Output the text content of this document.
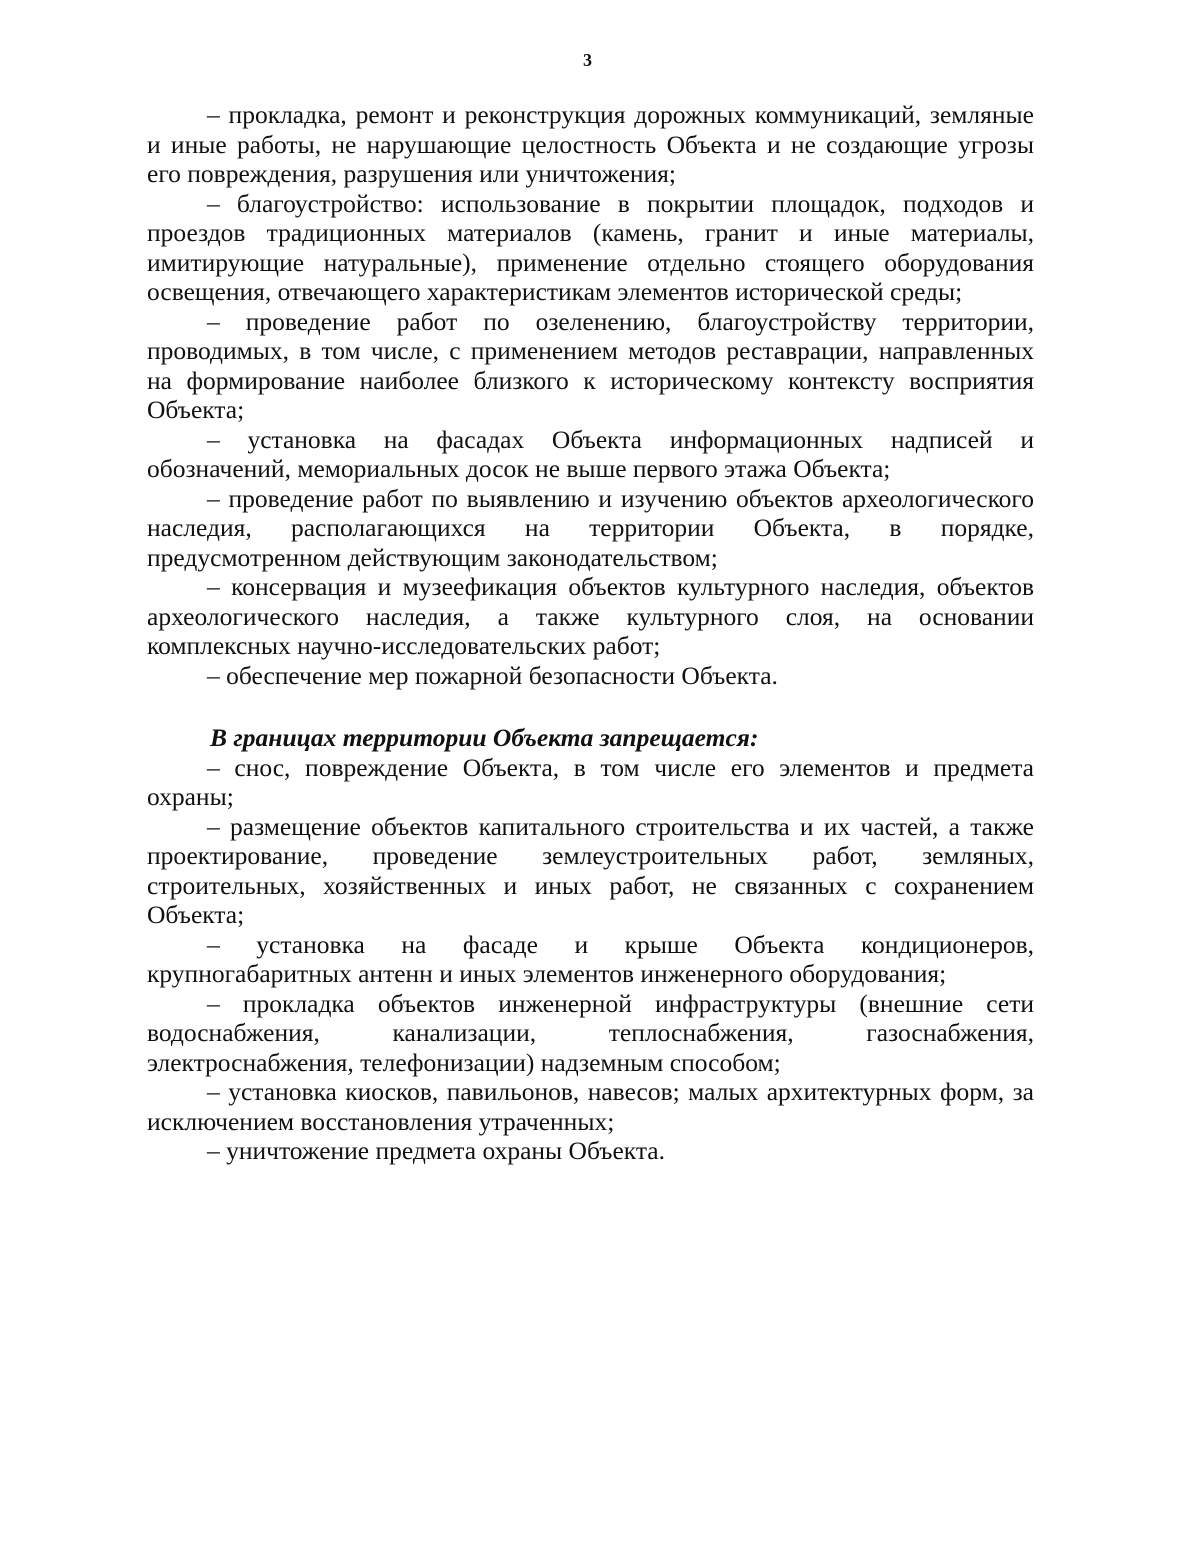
3

– прокладка, ремонт и реконструкция дорожных коммуникаций, земляные и иные работы, не нарушающие целостность Объекта и не создающие угрозы его повреждения, разрушения или уничтожения;

– благоустройство: использование в покрытии площадок, подходов и проездов традиционных материалов (камень, гранит и иные материалы, имитирующие натуральные), применение отдельно стоящего оборудования освещения, отвечающего характеристикам элементов исторической среды;

– проведение работ по озеленению, благоустройству территории, проводимых, в том числе, с применением методов реставрации, направленных на формирование наиболее близкого к историческому контексту восприятия Объекта;

– установка на фасадах Объекта информационных надписей и обозначений, мемориальных досок не выше первого этажа Объекта;

– проведение работ по выявлению и изучению объектов археологического наследия, располагающихся на территории Объекта, в порядке, предусмотренном действующим законодательством;

– консервация и музеефикация объектов культурного наследия, объектов археологического наследия, а также культурного слоя, на основании комплексных научно-исследовательских работ;

– обеспечение мер пожарной безопасности Объекта.

В границах территории Объекта запрещается:

– снос, повреждение Объекта, в том числе его элементов и предмета охраны;

– размещение объектов капитального строительства и их частей, а также проектирование, проведение землеустроительных работ, земляных, строительных, хозяйственных и иных работ, не связанных с сохранением Объекта;

– установка на фасаде и крыше Объекта кондиционеров, крупногабаритных антенн и иных элементов инженерного оборудования;

– прокладка объектов инженерной инфраструктуры (внешние сети водоснабжения, канализации, теплоснабжения, газоснабжения, электроснабжения, телефонизации) надземным способом;

– установка киосков, павильонов, навесов; малых архитектурных форм, за исключением восстановления утраченных;

– уничтожение предмета охраны Объекта.
